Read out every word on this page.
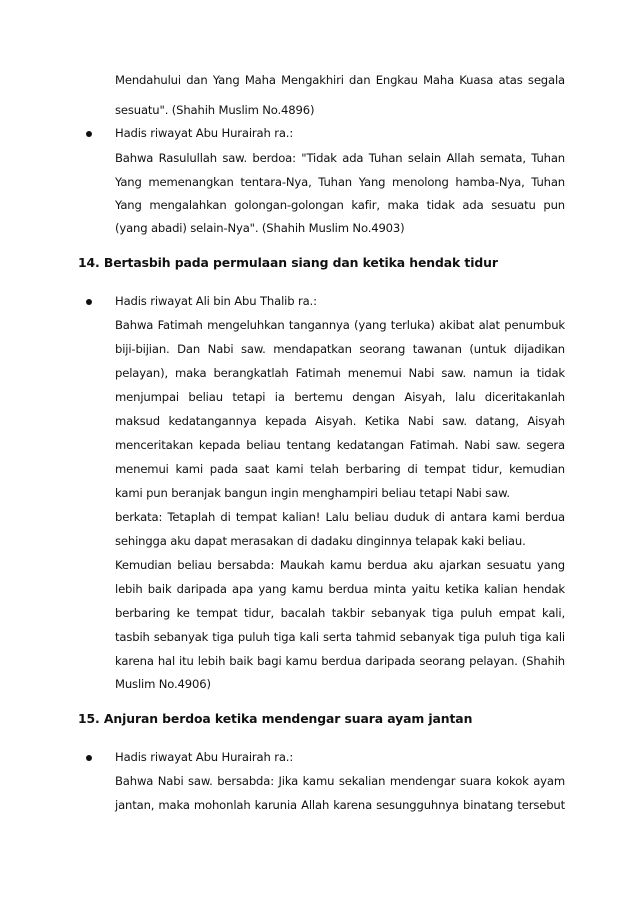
Mendahului dan Yang Maha Mengakhiri dan Engkau Maha Kuasa atas segala
sesuatu". (Shahih Muslim No.4896)
Hadis riwayat Abu Hurairah ra.:
Bahwa Rasulullah saw. berdoa: "Tidak ada Tuhan selain Allah semata, Tuhan
Yang memenangkan tentara-Nya, Tuhan Yang menolong hamba-Nya, Tuhan
Yang mengalahkan golongan-golongan kafir, maka tidak ada sesuatu pun
(yang abadi) selain-Nya". (Shahih Muslim No.4903)
14. Bertasbih pada permulaan siang dan ketika hendak tidur
Hadis riwayat Ali bin Abu Thalib ra.:
Bahwa Fatimah mengeluhkan tangannya (yang terluka) akibat alat penumbuk
biji-bijian. Dan Nabi saw. mendapatkan seorang tawanan (untuk dijadikan
pelayan), maka berangkatlah Fatimah menemui Nabi saw. namun ia tidak
menjumpai beliau tetapi ia bertemu dengan Aisyah, lalu diceritakanlah
maksud kedatangannya kepada Aisyah. Ketika Nabi saw. datang, Aisyah
menceritakan kepada beliau tentang kedatangan Fatimah. Nabi saw. segera
menemui kami pada saat kami telah berbaring di tempat tidur, kemudian
kami pun beranjak bangun ingin menghampiri beliau tetapi Nabi saw.
berkata: Tetaplah di tempat kalian! Lalu beliau duduk di antara kami berdua
sehingga aku dapat merasakan di dadaku dinginnya telapak kaki beliau.
Kemudian beliau bersabda: Maukah kamu berdua aku ajarkan sesuatu yang
lebih baik daripada apa yang kamu berdua minta yaitu ketika kalian hendak
berbaring ke tempat tidur, bacalah takbir sebanyak tiga puluh empat kali,
tasbih sebanyak tiga puluh tiga kali serta tahmid sebanyak tiga puluh tiga kali
karena hal itu lebih baik bagi kamu berdua daripada seorang pelayan. (Shahih
Muslim No.4906)
15. Anjuran berdoa ketika mendengar suara ayam jantan
Hadis riwayat Abu Hurairah ra.:
Bahwa Nabi saw. bersabda: Jika kamu sekalian mendengar suara kokok ayam
jantan, maka mohonlah karunia Allah karena sesungguhnya binatang tersebut
